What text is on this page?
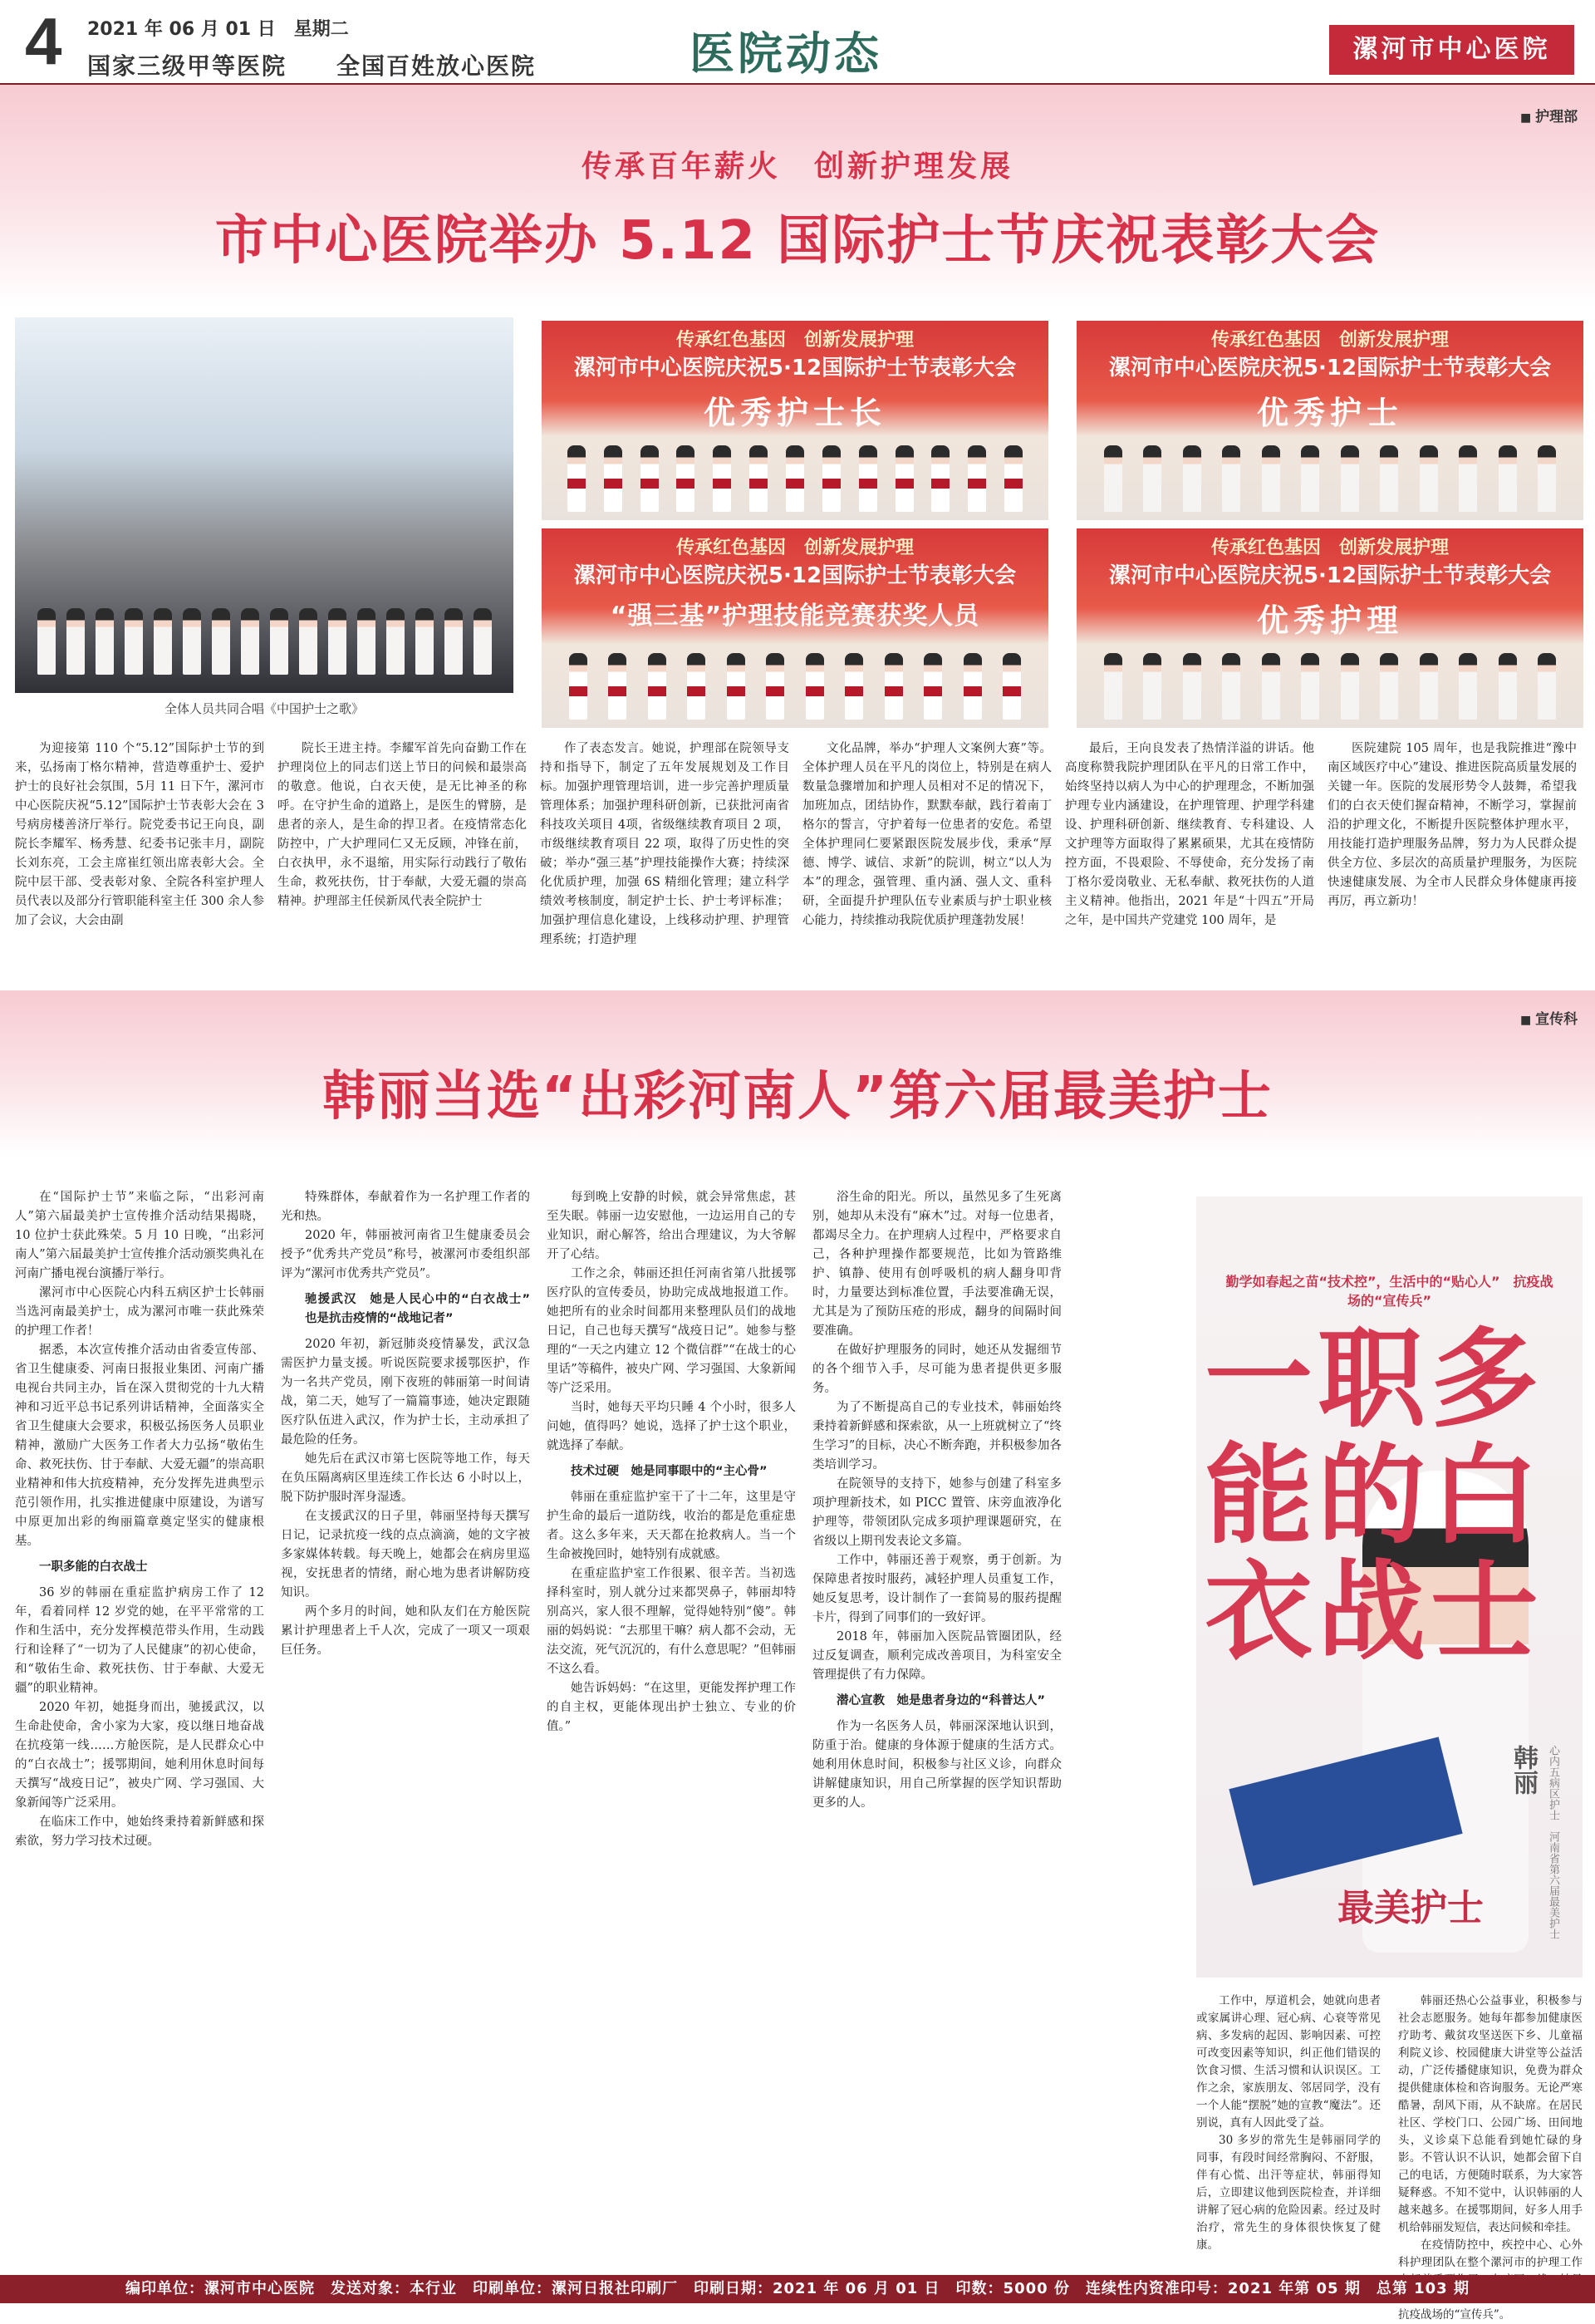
4 2021 年 06 月 01 日　星期二
国家三级甲等医院　　全国百姓放心医院	医院动态	漯河市中心医院
■ 护理部
传承百年薪火　创新护理发展
市中心医院举办 5.12 国际护士节庆祝表彰大会
全体人员共同合唱《中国护士之歌》
传承红色基因　创新发展护理
漯河市中心医院庆祝5·12国际护士节表彰大会
优秀护士长
传承红色基因　创新发展护理
漯河市中心医院庆祝5·12国际护士节表彰大会
优秀护士
传承红色基因　创新发展护理
漯河市中心医院庆祝5·12国际护士节表彰大会
“强三基”护理技能竞赛获奖人员
传承红色基因　创新发展护理
漯河市中心医院庆祝5·12国际护士节表彰大会
优秀护理

为迎接第 110 个“5.12”国际护士节的到来，弘扬南丁格尔精神，营造尊重护士、爱护护士的良好社会氛围，5月 11 日下午，漯河市中心医院庆祝“5.12”国际护士节表彰大会在 3 号病房楼善济厅举行。院党委书记王向良，副院长李耀军、杨秀慧、纪委书记张丰月，副院长刘东亮，工会主席崔红领出席表彰大会。全院中层干部、受表彰对象、全院各科室护理人员代表以及部分行管职能科室主任 300 余人参加了会议，大会由副

院长王进主持。李耀军首先向奋勤工作在护理岗位上的同志们送上节日的问候和最崇高的敬意。他说，白衣天使，是无比神圣的称呼。在守护生命的道路上，是医生的臂膀，是患者的亲人，是生命的捍卫者。在疫情常态化防控中，广大护理同仁又无反顾，冲锋在前，白衣执甲，永不退缩，用实际行动践行了敬佑生命，救死扶伤，甘于奉献，大爱无疆的崇高精神。护理部主任侯新凤代表全院护士

作了表态发言。她说，护理部在院领导支持和指导下，制定了五年发展规划及工作目标。加强护理管理培训，进一步完善护理质量管理体系；加强护理科研创新，已获批河南省科技攻关项目 4项，省级继续教育项目 2 项，市级继续教育项目 22 项，取得了历史性的突破；举办“强三基”护理技能操作大赛；持续深化优质护理，加强 6S 精细化管理；建立科学绩效考核制度，制定护士长、护士考评标准；加强护理信息化建设，上线移动护理、护理管理系统；打造护理

文化品牌，举办“护理人文案例大赛”等。全体护理人员在平凡的岗位上，特别是在病人数量急骤增加和护理人员相对不足的情况下，加班加点，团结协作，默默奉献，践行着南丁格尔的誓言，守护着每一位患者的安危。希望全体护理同仁要紧跟医院发展步伐，秉承“厚德、博学、诚信、求新”的院训，树立“以人为本”的理念，强管理、重内涵、强人文、重科研，全面提升护理队伍专业素质与护士职业核心能力，持续推动我院优质护理蓬勃发展！

最后，王向良发表了热情洋溢的讲话。他高度称赞我院护理团队在平凡的日常工作中，始终坚持以病人为中心的护理理念，不断加强护理专业内涵建设，在护理管理、护理学科建设、护理科研创新、继续教育、专科建设、人文护理等方面取得了累累硕果，尤其在疫情防控方面，不畏艰险、不辱使命，充分发扬了南丁格尔爱岗敬业、无私奉献、救死扶伤的人道主义精神。他指出，2021 年是“十四五”开局之年，是中国共产党建党 100 周年，是

医院建院 105 周年，也是我院推进“豫中南区域医疗中心”建设、推进医院高质量发展的关键一年。医院的发展形势令人鼓舞，希望我们的白衣天使们握奋精神，不断学习，掌握前沿的护理文化，不断提升医院整体护理水平，用技能打造护理服务品牌，努力为人民群众提供全方位、多层次的高质量护理服务，为医院快速健康发展、为全市人民群众身体健康再接再厉，再立新功！

■ 宣传科
韩丽当选“出彩河南人”第六届最美护士

在“国际护士节”来临之际，“出彩河南人”第六届最美护士宣传推介活动结果揭晓，10 位护士获此殊荣。5 月 10 日晚，“出彩河南人”第六届最美护士宣传推介活动颁奖典礼在河南广播电视台演播厅举行。

漯河市中心医院心内科五病区护士长韩丽当选河南最美护士，成为漯河市唯一获此殊荣的护理工作者！

据悉，本次宣传推介活动由省委宣传部、省卫生健康委、河南日报报业集团、河南广播电视台共同主办，旨在深入贯彻党的十九大精神和习近平总书记系列讲话精神，全面落实全省卫生健康大会要求，积极弘扬医务人员职业精神，激励广大医务工作者大力弘扬“敬佑生命、救死扶伤、甘于奉献、大爱无疆”的崇高职业精神和伟大抗疫精神，充分发挥先进典型示范引领作用，扎实推进健康中原建设，为谱写中原更加出彩的绚丽篇章奠定坚实的健康根基。

一职多能的白衣战士

36 岁的韩丽在重症监护病房工作了 12 年，看着同样 12 岁党的她，在平平常常的工作和生活中，充分发挥模范带头作用，生动践行和诠释了“一切为了人民健康”的初心使命，和“敬佑生命、救死扶伤、甘于奉献、大爱无疆”的职业精神。

2020 年初，她挺身而出，驰援武汉，以生命赴使命，舍小家为大家，疫以继日地奋战在抗疫第一线……方舱医院，是人民群众心中的“白衣战士”；援鄂期间，她利用休息时间每天撰写“战疫日记”，被央广网、学习强国、大象新闻等广泛采用。

在临床工作中，她始终秉持着新鲜感和探索欲，努力学习技术过硬。

特殊群体，奉献着作为一名护理工作者的光和热。

2020 年，韩丽被河南省卫生健康委员会授予“优秀共产党员”称号，被漯河市委组织部评为“漯河市优秀共产党员”。

驰援武汉　她是人民心中的“白衣战士”　也是抗击疫情的“战地记者”

2020 年初，新冠肺炎疫情暴发，武汉急需医护力量支援。听说医院要求援鄂医护，作为一名共产党员，刚下夜班的韩丽第一时间请战，第二天，她写了一篇篇事迹，她决定跟随医疗队伍进入武汉，作为护士长，主动承担了最危险的任务。

她先后在武汉市第七医院等地工作，每天在负压隔离病区里连续工作长达 6 小时以上，脱下防护服时浑身湿透。

在支援武汉的日子里，韩丽坚持每天撰写日记，记录抗疫一线的点点滴滴，她的文字被多家媒体转载。每天晚上，她都会在病房里巡视，安抚患者的情绪，耐心地为患者讲解防疫知识。

两个多月的时间，她和队友们在方舱医院累计护理患者上千人次，完成了一项又一项艰巨任务。

每到晚上安静的时候，就会异常焦虑，甚至失眠。韩丽一边安慰他，一边运用自己的专业知识，耐心解答，给出合理建议，为大爷解开了心结。

工作之余，韩丽还担任河南省第八批援鄂医疗队的宣传委员，协助完成战地报道工作。她把所有的业余时间都用来整理队员们的战地日记，自己也每天撰写“战疫日记”。她参与整理的“一天之内建立 12 个微信群”“在战士的心里话”等稿件，被央广网、学习强国、大象新闻等广泛采用。

当时，她每天平均只睡 4 个小时，很多人问她，值得吗？她说，选择了护士这个职业，就选择了奉献。

技术过硬　她是同事眼中的“主心骨”

韩丽在重症监护室干了十二年，这里是守护生命的最后一道防线，收治的都是危重症患者。这么多年来，天天都在抢救病人。当一个生命被挽回时，她特别有成就感。

在重症监护室工作很累、很辛苦。当初选择科室时，别人就分过来都哭鼻子，韩丽却特别高兴，家人很不理解，觉得她特别“傻”。韩丽的妈妈说：“去那里干嘛？病人都不会动，无法交流，死气沉沉的，有什么意思呢？”但韩丽不这么看。

她告诉妈妈：“在这里，更能发挥护理工作的自主权，更能体现出护士独立、专业的价值。”

浴生命的阳光。所以，虽然见多了生死离别，她却从未没有“麻木”过。对每一位患者，都竭尽全力。在护理病人过程中，严格要求自己，各种护理操作都要规范，比如为管路维护、镇静、使用有创呼吸机的病人翻身叩背时，力量要达到标准位置，手法要准确无误，尤其是为了预防压疮的形成，翻身的间隔时间要准确。

在做好护理服务的同时，她还从发掘细节的各个细节入手，尽可能为患者提供更多服务。

为了不断提高自己的专业技术，韩丽始终秉持着新鲜感和探索欲，从一上班就树立了“终生学习”的目标，决心不断奔跑，并积极参加各类培训学习。

在院领导的支持下，她参与创建了科室多项护理新技术，如 PICC 置管、床旁血液净化护理等，带领团队完成多项护理课题研究，在省级以上期刊发表论文多篇。

工作中，韩丽还善于观察，勇于创新。为保障患者按时服药，减轻护理人员重复工作，她反复思考，设计制作了一套简易的服药提醒卡片，得到了同事们的一致好评。

2018 年，韩丽加入医院品管圈团队，经过反复调查，顺利完成改善项目，为科室安全管理提供了有力保障。

潜心宣教　她是患者身边的“科普达人”

作为一名医务人员，韩丽深深地认识到，防重于治。健康的身体源于健康的生活方式。她利用休息时间，积极参与社区义诊，向群众讲解健康知识，用自己所掌握的医学知识帮助更多的人。

勤学如春起之苗“技术控”，生活中的“贴心人”　抗疫战场的“宣传兵”
一职多能的白衣战士
最美护士
韩丽 心内五病区护士　河南省第六届最美护士

工作中，厚道机会，她就向患者或家属讲心理、冠心病、心衰等常见病、多发病的起因、影响因素、可控可改变因素等知识，纠正他们错误的饮食习惯、生活习惯和认识误区。工作之余，家族朋友、邻居同学，没有一个人能“摆脱”她的宣教“魔法”。还别说，真有人因此受了益。

30 多岁的常先生是韩丽同学的同事，有段时间经常胸闷、不舒服，伴有心慌、出汗等症状，韩丽得知后，立即建议他到医院检查，并详细讲解了冠心病的危险因素。经过及时治疗，常先生的身体很快恢复了健康。

韩丽还热心公益事业，积极参与社会志愿服务。她每年都参加健康医疗助考、戴贫攻坚送医下乡、儿童福利院义诊、校园健康大讲堂等公益活动，广泛传播健康知识，免费为群众提供健康体检和咨询服务。无论严寒酷暑，刮风下雨，从不缺席。在居民社区、学校门口、公园广场、田间地头，义诊桌下总能看到她忙碌的身影。不管认识不认识，她都会留下自己的电话，方便随时联系，为大家答疑释惑。不知不觉中，认识韩丽的人越来越多。在援鄂期间，好多人用手机给韩丽发短信，表达问候和牵挂。

在疫情防控中，疾控中心、心外科护理团队在整个漯河市的护理工作 抗疫战场的“宣传兵”。

编印单位：漯河市中心医院　发送对象：本行业　印刷单位：漯河日报社印刷厂　印刷日期：2021 年 06 月 01 日　印数：5000 份　连续性内资准印号：2021 年第 05 期　总第 103 期
